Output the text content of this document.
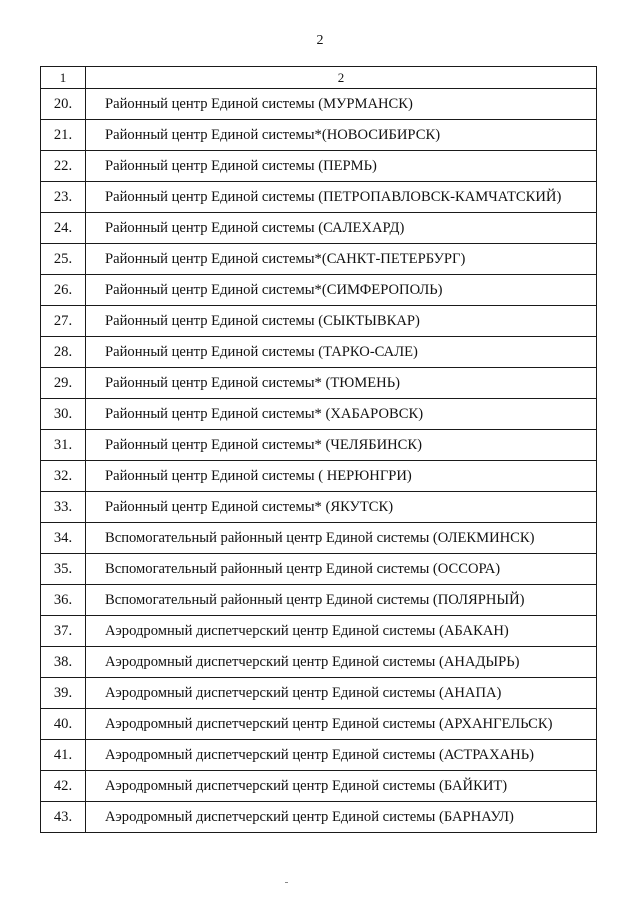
2
1	2
20.	Районный центр Единой системы (МУРМАНСК)
21.	Районный центр Единой системы*(НОВОСИБИРСК)
22.	Районный центр Единой системы (ПЕРМЬ)
23.	Районный центр Единой системы (ПЕТРОПАВЛОВСК-КАМЧАТСКИЙ)
24.	Районный центр Единой системы (САЛЕХАРД)
25.	Районный центр Единой системы*(САНКТ-ПЕТЕРБУРГ)
26.	Районный центр Единой системы*(СИМФЕРОПОЛЬ)
27.	Районный центр Единой системы (СЫКТЫВКАР)
28.	Районный центр Единой системы (ТАРКО-САЛЕ)
29.	Районный центр Единой системы* (ТЮМЕНЬ)
30.	Районный центр Единой системы* (ХАБАРОВСК)
31.	Районный центр Единой системы* (ЧЕЛЯБИНСК)
32.	Районный центр Единой системы ( НЕРЮНГРИ)
33.	Районный центр Единой системы* (ЯКУТСК)
34.	Вспомогательный районный центр Единой системы (ОЛЕКМИНСК)
35.	Вспомогательный районный центр Единой системы (ОССОРА)
36.	Вспомогательный районный центр Единой системы (ПОЛЯРНЫЙ)
37.	Аэродромный диспетчерский центр Единой системы (АБАКАН)
38.	Аэродромный диспетчерский центр Единой системы (АНАДЫРЬ)
39.	Аэродромный диспетчерский центр Единой системы (АНАПА)
40.	Аэродромный диспетчерский центр Единой системы (АРХАНГЕЛЬСК)
41.	Аэродромный диспетчерский центр Единой системы (АСТРАХАНЬ)
42.	Аэродромный диспетчерский центр Единой системы (БАЙКИТ)
43.	Аэродромный диспетчерский центр Единой системы (БАРНАУЛ)
